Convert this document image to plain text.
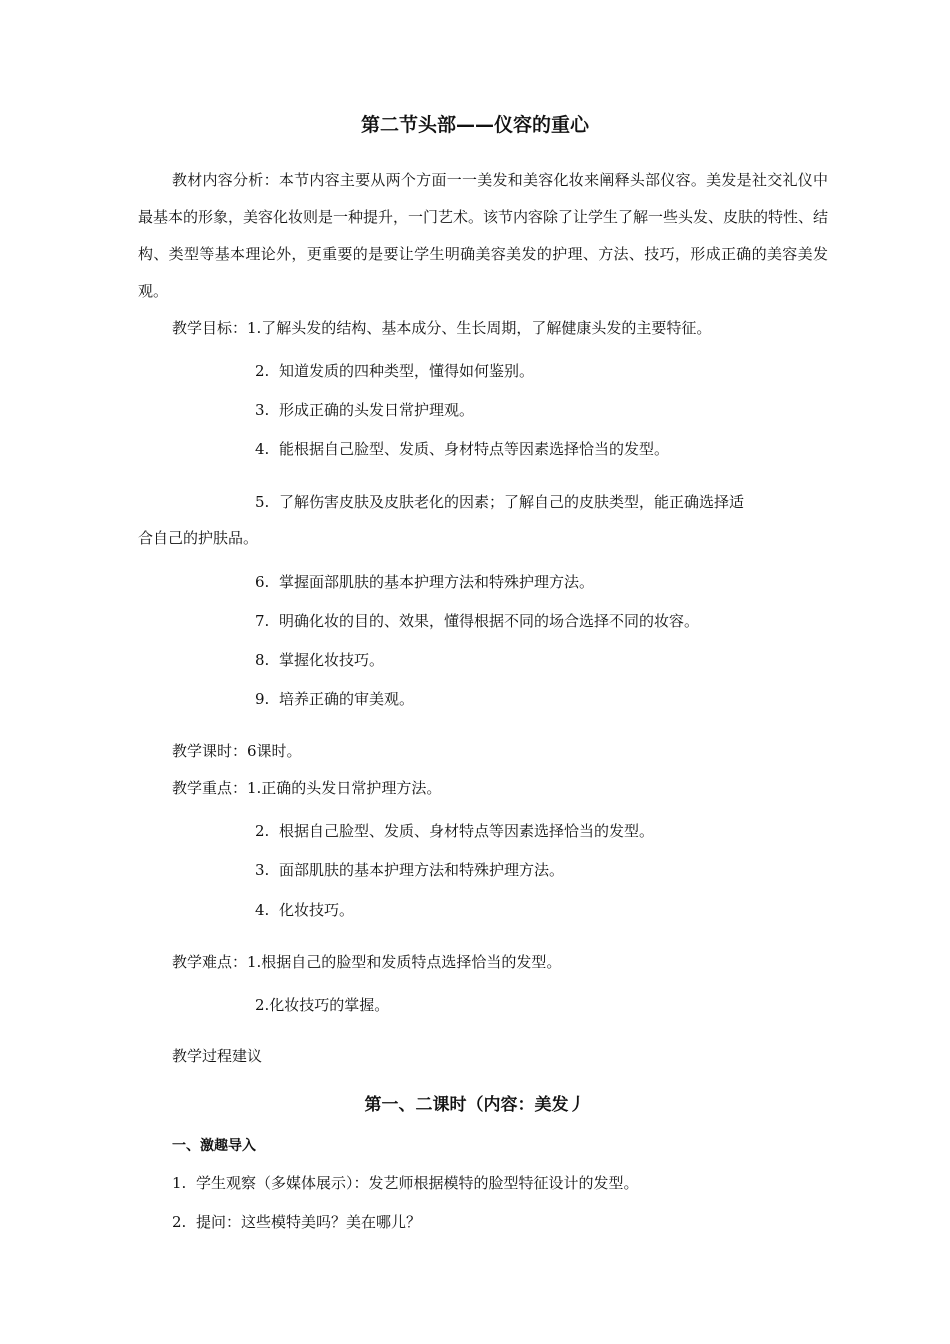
第二节头部——仪容的重心
教材内容分析：本节内容主要从两个方面一一美发和美容化妆来阐释头部仪容。美发是社交礼仪中最基本的形象，美容化妆则是一种提升，一门艺术。该节内容除了让学生了解一些头发、皮肤的特性、结构、类型等基本理论外，更重要的是要让学生明确美容美发的护理、方法、技巧，形成正确的美容美发观。
教学目标：1.了解头发的结构、基本成分、生长周期，了解健康头发的主要特征。
2. 知道发质的四种类型，懂得如何鉴别。
3. 形成正确的头发日常护理观。
4. 能根据自己脸型、发质、身材特点等因素选择恰当的发型。
5. 了解伤害皮肤及皮肤老化的因素；了解自己的皮肤类型，能正确选择适
合自己的护肤品。
6. 掌握面部肌肤的基本护理方法和特殊护理方法。
7. 明确化妆的目的、效果，懂得根据不同的场合选择不同的妆容。
8. 掌握化妆技巧。
9. 培养正确的审美观。
教学课时：6课时。
教学重点：1.正确的头发日常护理方法。
2. 根据自己脸型、发质、身材特点等因素选择恰当的发型。
3. 面部肌肤的基本护理方法和特殊护理方法。
4. 化妆技巧。
教学难点：1.根据自己的脸型和发质特点选择恰当的发型。
2.化妆技巧的掌握。
教学过程建议
第一、二课时（内容：美发丿
一、激趣导入
1. 学生观察（多媒体展示）：发艺师根据模特的脸型特征设计的发型。
2. 提问：这些模特美吗？美在哪儿？
